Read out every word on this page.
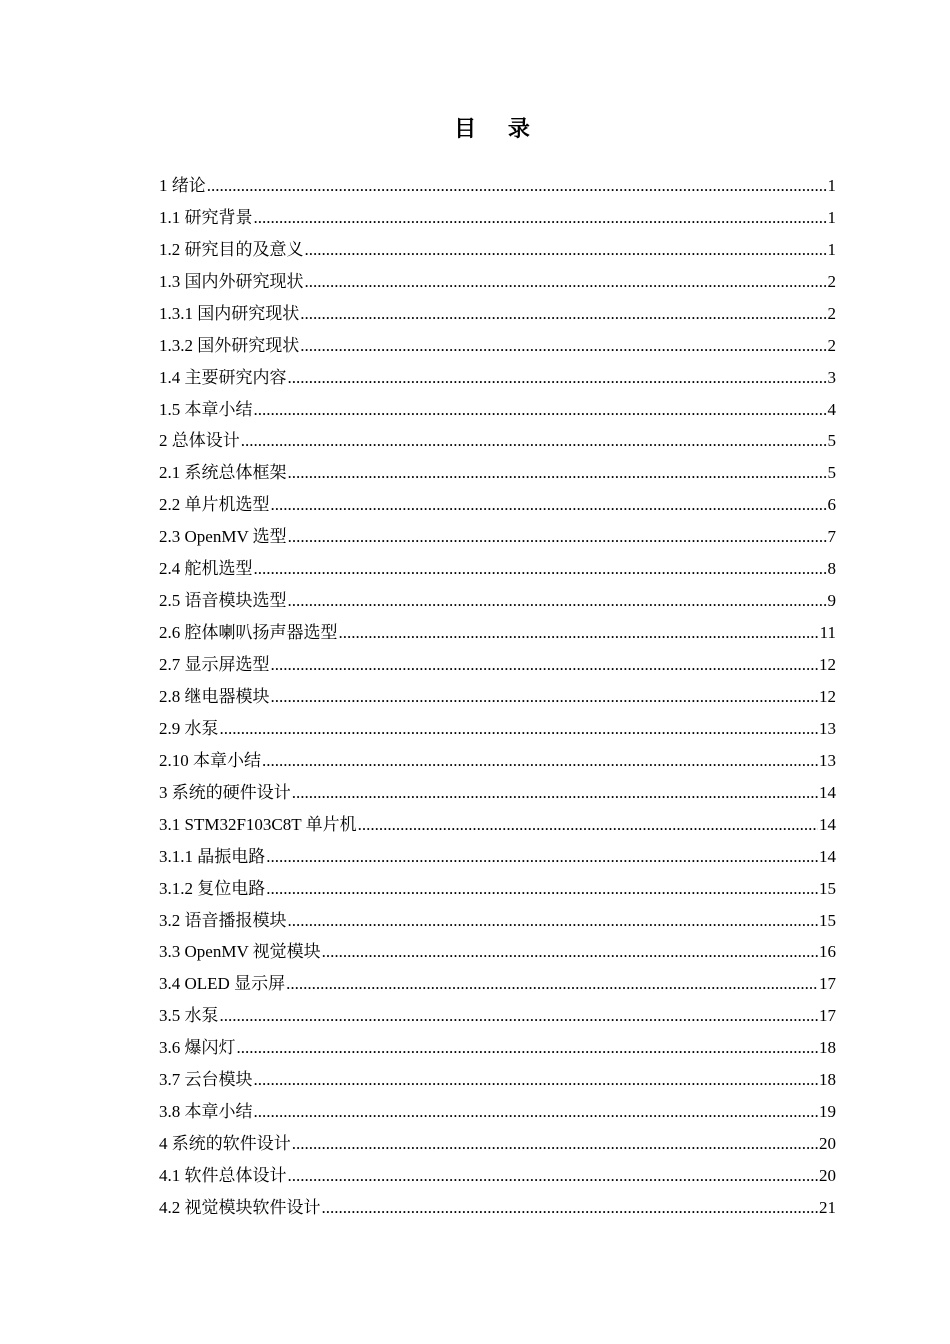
目 录
1 绪论 .....	1
1.1 研究背景 .....	1
1.2 研究目的及意义 .....	1
1.3 国内外研究现状 .....	2
1.3.1 国内研究现状 .....	2
1.3.2 国外研究现状 .....	2
1.4 主要研究内容 .....	3
1.5 本章小结 .....	4
2 总体设计 .....	5
2.1 系统总体框架 .....	5
2.2 单片机选型 .....	6
2.3 OpenMV 选型 .....	7
2.4 舵机选型 .....	8
2.5 语音模块选型 .....	9
2.6 腔体喇叭扬声器选型 .....	11
2.7 显示屏选型 .....	12
2.8 继电器模块 .....	12
2.9 水泵 .....	13
2.10 本章小结 .....	13
3 系统的硬件设计 .....	14
3.1 STM32F103C8T 单片机 .....	14
3.1.1 晶振电路 .....	14
3.1.2 复位电路 .....	15
3.2 语音播报模块 .....	15
3.3 OpenMV 视觉模块 .....	16
3.4 OLED 显示屏 .....	17
3.5 水泵 .....	17
3.6 爆闪灯 .....	18
3.7 云台模块 .....	18
3.8 本章小结 .....	19
4 系统的软件设计 .....	20
4.1 软件总体设计 .....	20
4.2 视觉模块软件设计 .....	21
